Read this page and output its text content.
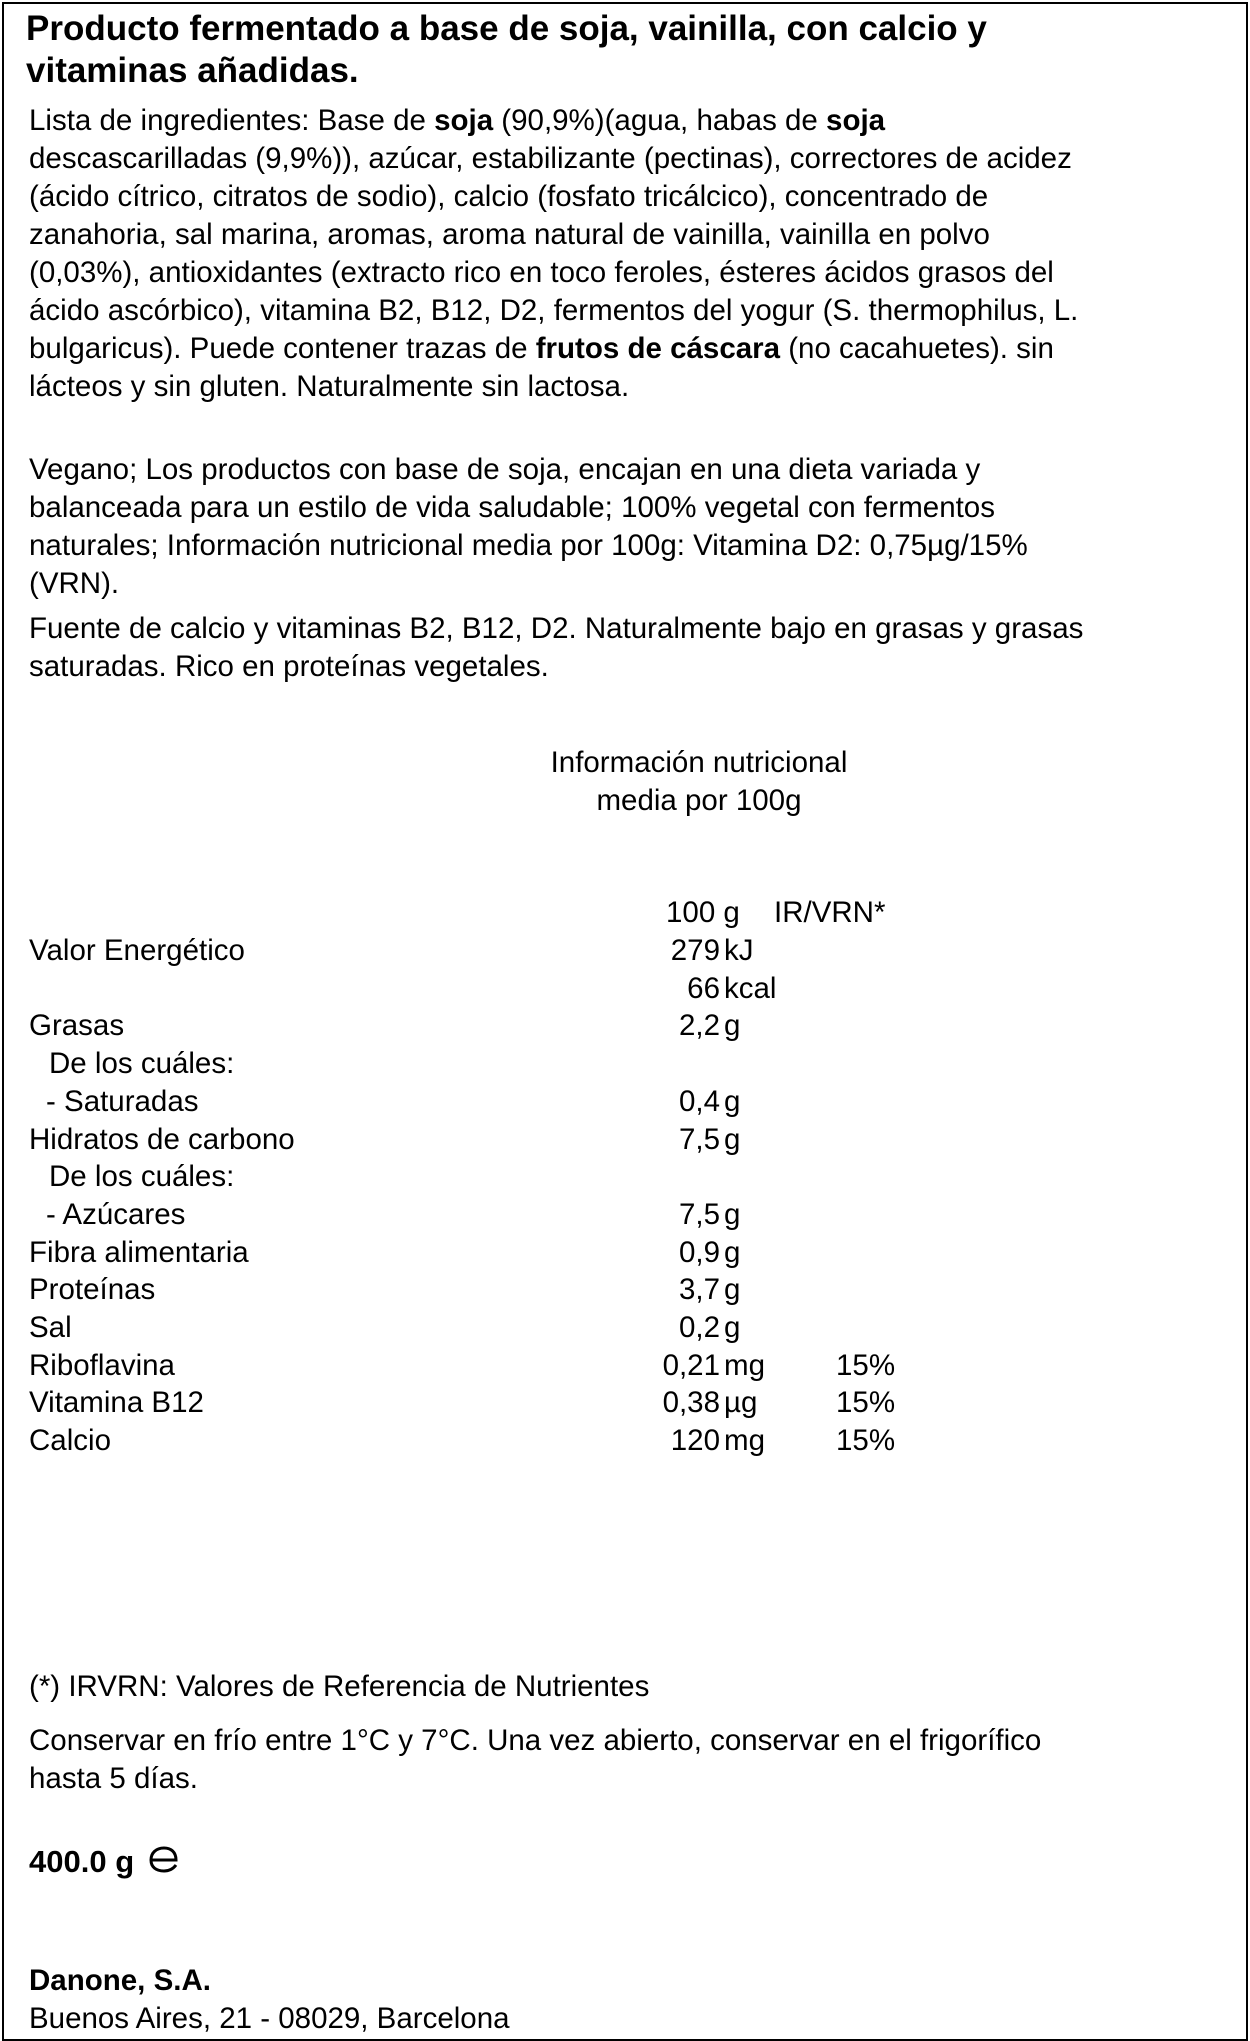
Producto fermentado a base de soja, vainilla, con calcio y
vitaminas añadidas.
Lista de ingredientes: Base de soja (90,9%)(agua, habas de soja
descascarilladas (9,9%)), azúcar, estabilizante (pectinas), correctores de acidez
(ácido cítrico, citratos de sodio), calcio (fosfato tricálcico), concentrado de
zanahoria, sal marina, aromas, aroma natural de vainilla, vainilla en polvo
(0,03%), antioxidantes (extracto rico en toco feroles, ésteres ácidos grasos del
ácido ascórbico), vitamina B2, B12, D2, fermentos del yogur (S. thermophilus, L.
bulgaricus). Puede contener trazas de frutos de cáscara (no cacahuetes). sin
lácteos y sin gluten. Naturalmente sin lactosa.
Vegano; Los productos con base de soja, encajan en una dieta variada y
balanceada para un estilo de vida saludable; 100% vegetal con fermentos
naturales; Información nutricional media por 100g: Vitamina D2: 0,75µg/15%
(VRN).
Fuente de calcio y vitaminas B2, B12, D2. Naturalmente bajo en grasas y grasas
saturadas. Rico en proteínas vegetales.
Información nutricional
media por 100g
100 g IR/VRN*
Valor Energético	279 kJ
66 kcal
Grasas	2,2 g
De los cuáles:
- Saturadas	0,4 g
Hidratos de carbono	7,5 g
De los cuáles:
- Azúcares	7,5 g
Fibra alimentaria	0,9 g
Proteínas	3,7 g
Sal	0,2 g
Riboflavina	0,21 mg 15%
Vitamina B12	0,38 µg	15%
Calcio	120 mg 15%
(*) IRVRN: Valores de Referencia de Nutrientes
Conservar en frío entre 1°C y 7°C. Una vez abierto, conservar en el frigorífico
hasta 5 días.
400.0 g
Danone, S.A.
Buenos Aires, 21 - 08029, Barcelona
